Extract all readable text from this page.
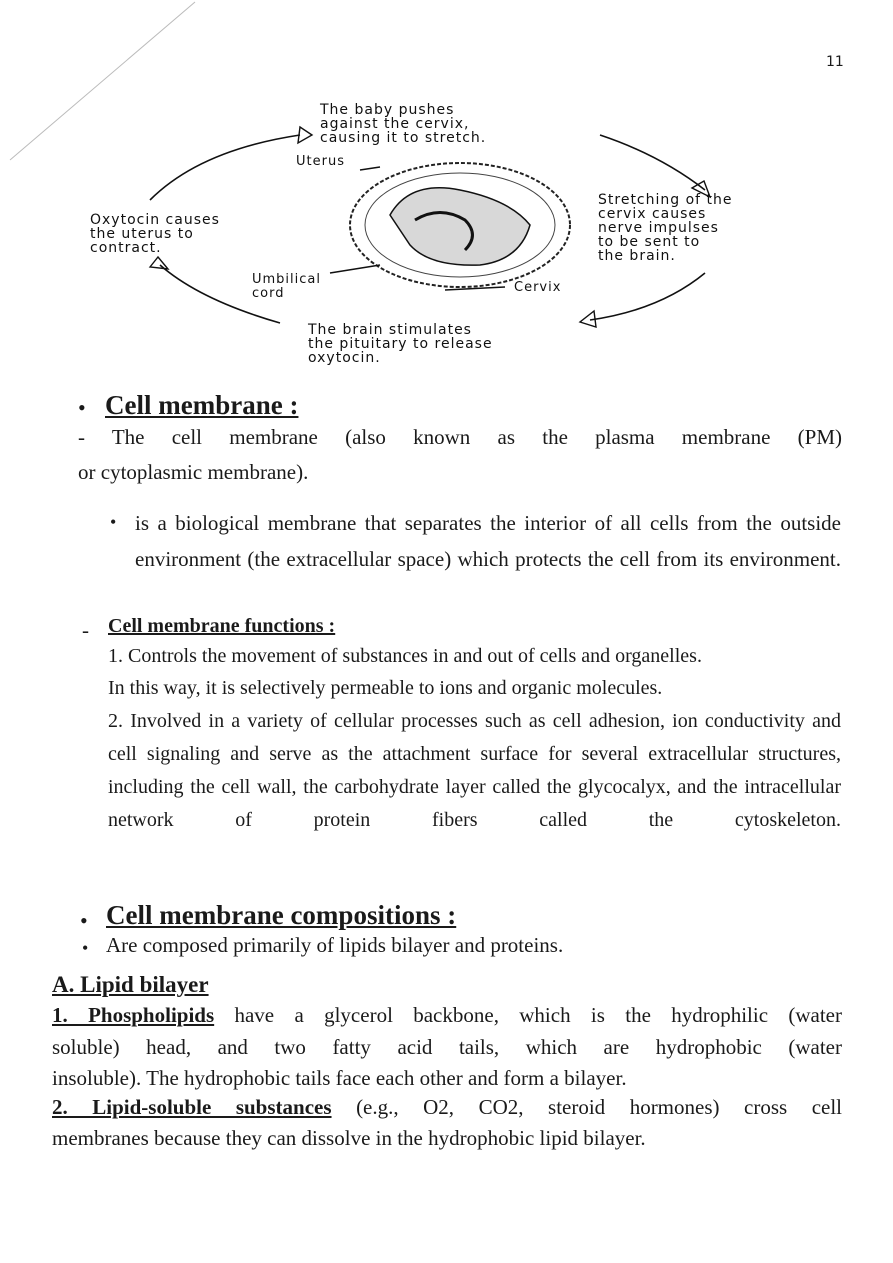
11
The baby pushes
against the cervix,
causing it to stretch.
Stretching of the
cervix causes
nerve impulses
to be sent to
the brain.
The brain stimulates
the pituitary to release
oxytocin.
Oxytocin causes
the uterus to
contract.
Uterus
Umbilical
cord	Cervix
• Cell membrane :
- The cell membrane (also known as the plasma membrane (PM)
or cytoplasmic membrane).
• is a biological membrane that separates the interior of all cells from the outside environment (the extracellular space) which protects the cell from its environment.
- Cell membrane functions :
1. Controls the movement of substances in and out of cells and organelles.
In this way, it is selectively permeable to ions and organic molecules.
2. Involved in a variety of cellular processes such as cell adhesion, ion conductivity and cell signaling and serve as the attachment surface for several extracellular structures, including the cell wall, the carbohydrate layer called the glycocalyx, and the intracellular network of protein fibers called the cytoskeleton.
• Cell membrane compositions :
• Are composed primarily of lipids bilayer and proteins.
A. Lipid bilayer
1. Phospholipids have a glycerol backbone, which is the hydrophilic (water
soluble) head, and two fatty acid tails, which are hydrophobic (water
insoluble). The hydrophobic tails face each other and form a bilayer.
2. Lipid-soluble substances (e.g., O2, CO2, steroid hormones) cross cell
membranes because they can dissolve in the hydrophobic lipid bilayer.
